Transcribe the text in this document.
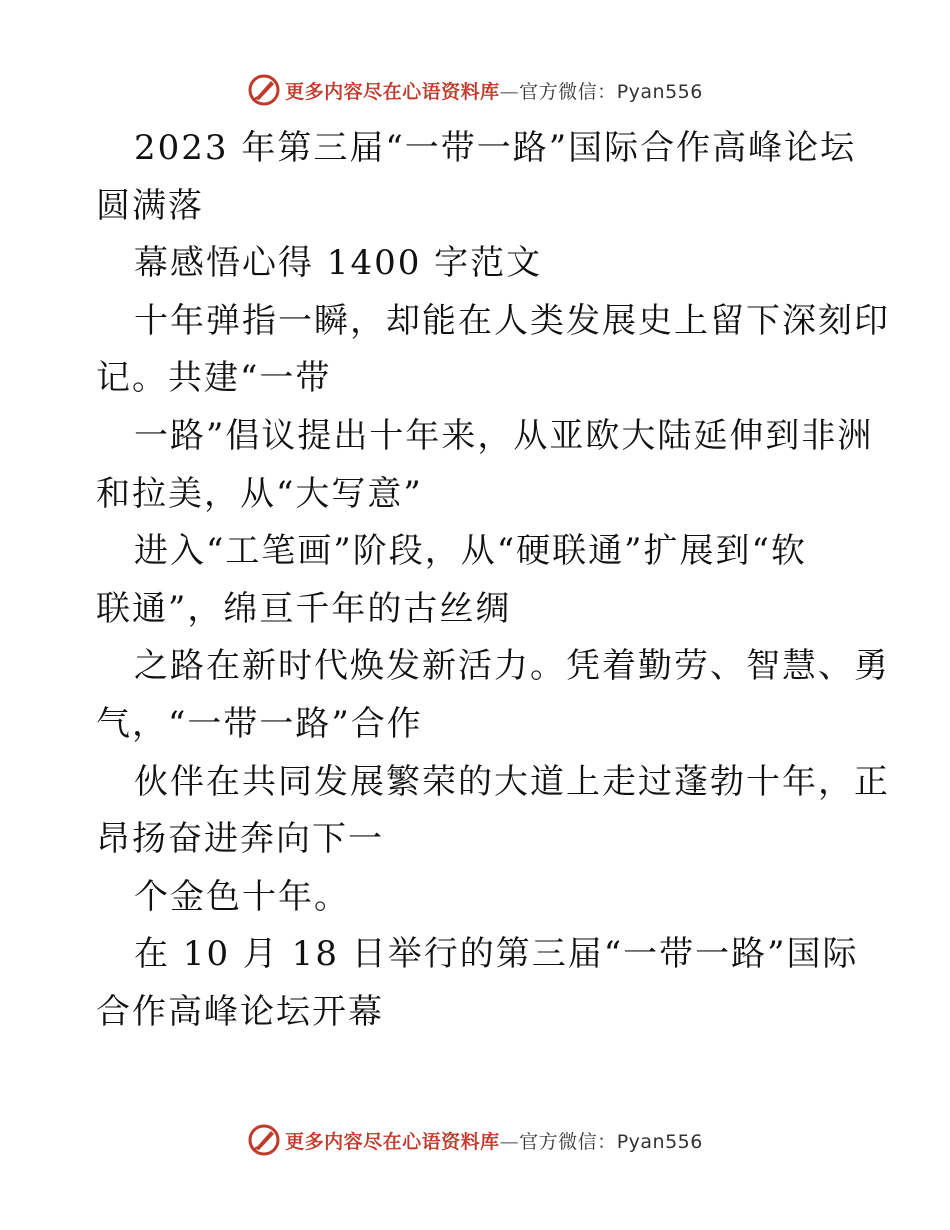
更多内容尽在心语资料库—官方微信：Pyan556
2023 年第三届“一带一路”国际合作高峰论坛
圆满落
幕感悟心得 1400 字范文
十年弹指一瞬，却能在人类发展史上留下深刻印
记。共建“一带
一路”倡议提出十年来，从亚欧大陆延伸到非洲
和拉美，从“大写意”
进入“工笔画”阶段，从“硬联通”扩展到“软
联通”，绵亘千年的古丝绸
之路在新时代焕发新活力。凭着勤劳、智慧、勇
气，“一带一路”合作
伙伴在共同发展繁荣的大道上走过蓬勃十年，正
昂扬奋进奔向下一
个金色十年。
在 10 月 18 日举行的第三届“一带一路”国际
合作高峰论坛开幕
更多内容尽在心语资料库—官方微信：Pyan556
